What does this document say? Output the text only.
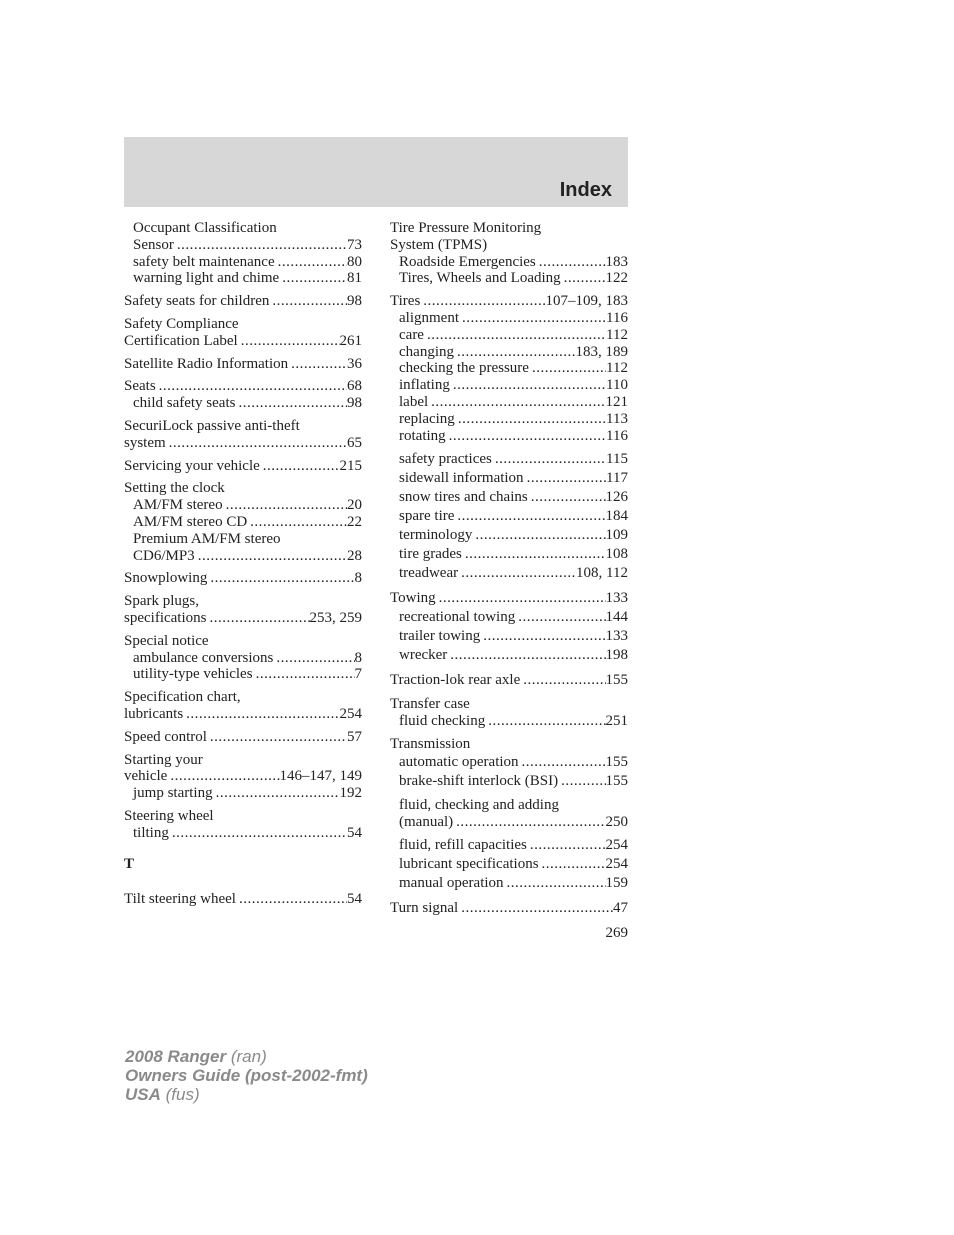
Index
Occupant Classification
Sensor .....	73
safety belt maintenance .....	80
warning light and chime .....	81
Safety seats for children .....	98
Safety Compliance
Certification Label .....	261
Satellite Radio Information .....	36
Seats .....	68
child safety seats .....	98
SecuriLock passive anti-theft
system .....	65
Servicing your vehicle .....	215
Setting the clock
AM/FM stereo .....	20
AM/FM stereo CD .....	22
Premium AM/FM stereo
CD6/MP3 .....	28
Snowplowing .....	8
Spark plugs,
specifications .....	253, 259
Special notice
ambulance conversions .....	8
utility-type vehicles .....	7
Specification chart,
lubricants .....	254
Speed control .....	57
Starting your
vehicle .....	146–147, 149
jump starting .....	192
Steering wheel
tilting .....	54
T
Tilt steering wheel .....	54
Tire Pressure Monitoring
System (TPMS)
Roadside Emergencies .....	183
Tires, Wheels and Loading .....	122
Tires .....	107–109, 183
alignment .....	116
care .....	112
changing .....	183, 189
checking the pressure .....	112
inflating .....	110
label .....	121
replacing .....	113
rotating .....	116
safety practices .....	115
sidewall information .....	117
snow tires and chains .....	126
spare tire .....	184
terminology .....	109
tire grades .....	108
treadwear .....	108, 112
Towing .....	133
recreational towing .....	144
trailer towing .....	133
wrecker .....	198
Traction-lok rear axle .....	155
Transfer case
fluid checking .....	251
Transmission
automatic operation .....	155
brake-shift interlock (BSI) .....	155
fluid, checking and adding
(manual) .....	250
fluid, refill capacities .....	254
lubricant specifications .....	254
manual operation .....	159
Turn signal .....	47
269
2008 Ranger (ran)
Owners Guide (post-2002-fmt)
USA (fus)
